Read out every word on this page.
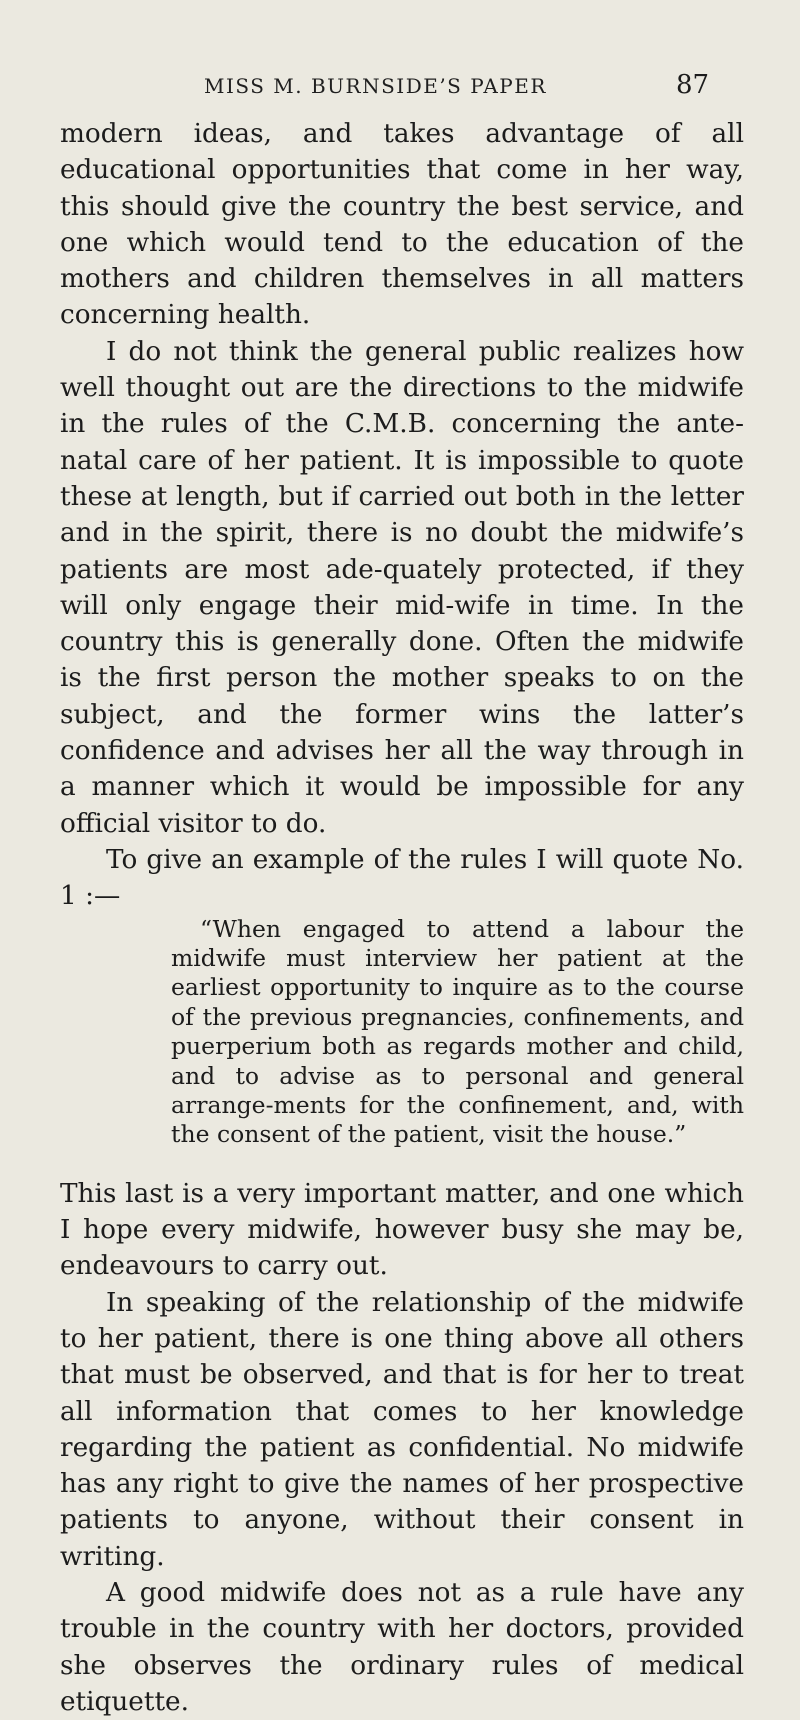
MISS M. BURNSIDE’S PAPER	87

modern ideas, and takes advantage of all educational opportunities that come in her way, this should give the country the best service, and one which would tend to the education of the mothers and children themselves in all matters concerning health.

I do not think the general public realizes how well thought out are the directions to the midwife in the rules of the C.M.B. concerning the ante-natal care of her patient. It is impossible to quote these at length, but if carried out both in the letter and in the spirit, there is no doubt the midwife’s patients are most ade-quately protected, if they will only engage their mid-wife in time. In the country this is generally done. Often the midwife is the first person the mother speaks to on the subject, and the former wins the latter’s confidence and advises her all the way through in a manner which it would be impossible for any official visitor to do.

To give an example of the rules I will quote No. 1 :—

“When engaged to attend a labour the midwife must interview her patient at the earliest opportunity to inquire as to the course of the previous pregnancies, confinements, and puerperium both as regards mother and child, and to advise as to personal and general arrange-ments for the confinement, and, with the consent of the patient, visit the house.”

This last is a very important matter, and one which I hope every midwife, however busy she may be, endeavours to carry out.

In speaking of the relationship of the midwife to her patient, there is one thing above all others that must be observed, and that is for her to treat all information that comes to her knowledge regarding the patient as confidential. No midwife has any right to give the names of her prospective patients to anyone, without their consent in writing.

A good midwife does not as a rule have any trouble in the country with her doctors, provided she observes the ordinary rules of medical etiquette.
